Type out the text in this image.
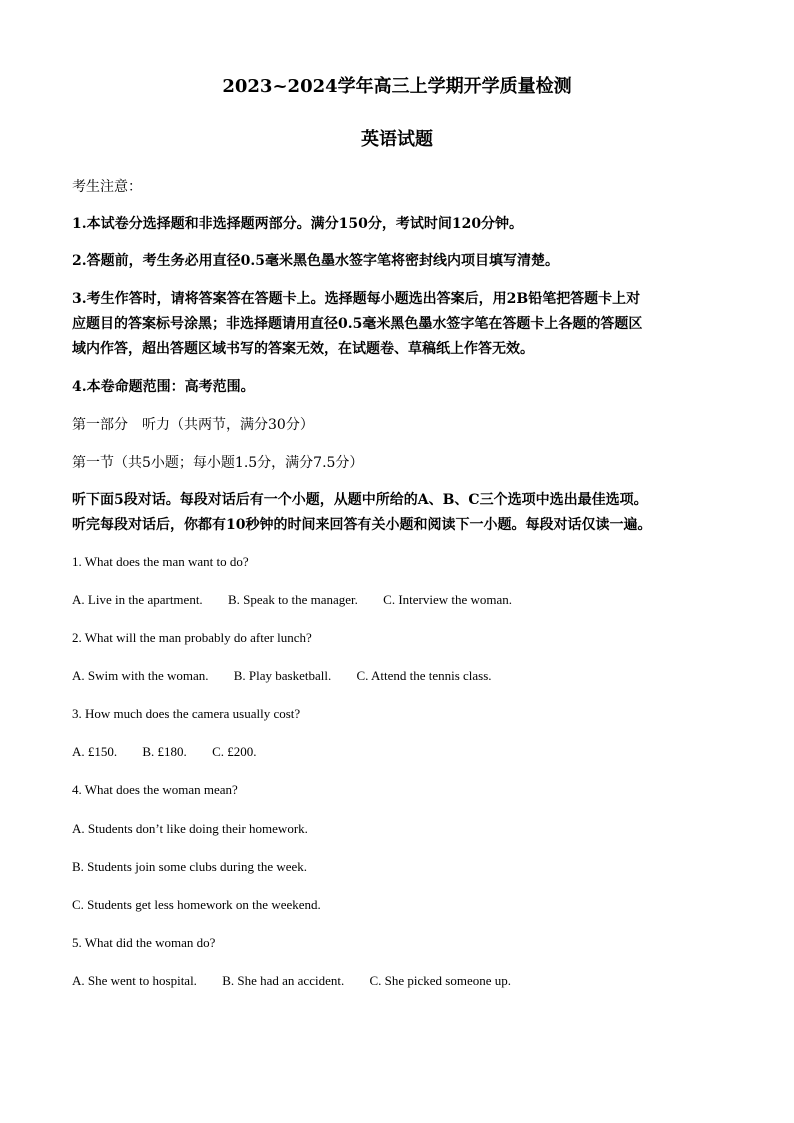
2023~2024学年高三上学期开学质量检测
英语试题
考生注意：
1.本试卷分选择题和非选择题两部分。满分150分，考试时间120分钟。
2.答题前，考生务必用直径0.5毫米黑色墨水签字笔将密封线内项目填写清楚。
3.考生作答时，请将答案答在答题卡上。选择题每小题选出答案后，用2B铅笔把答题卡上对
应题目的答案标号涂黑；非选择题请用直径0.5毫米黑色墨水签字笔在答题卡上各题的答题区
域内作答，超出答题区域书写的答案无效，在试题卷、草稿纸上作答无效。
4.本卷命题范围：高考范围。
第一部分　听力（共两节，满分30分）
第一节（共5小题；每小题1.5分，满分7.5分）
听下面5段对话。每段对话后有一个小题，从题中所给的A、B、C三个选项中选出最佳选项。
听完每段对话后，你都有10秒钟的时间来回答有关小题和阅读下一小题。每段对话仅读一遍。
1. What does the man want to do?
A. Live in the apartment. B. Speak to the manager. C. Interview the woman.
2. What will the man probably do after lunch?
A. Swim with the woman. B. Play basketball. C. Attend the tennis class.
3. How much does the camera usually cost?
A. £150. B. £180. C. £200.
4. What does the woman mean?
A. Students don’t like doing their homework.
B. Students join some clubs during the week.
C. Students get less homework on the weekend.
5. What did the woman do?
A. She went to hospital. B. She had an accident. C. She picked someone up.
